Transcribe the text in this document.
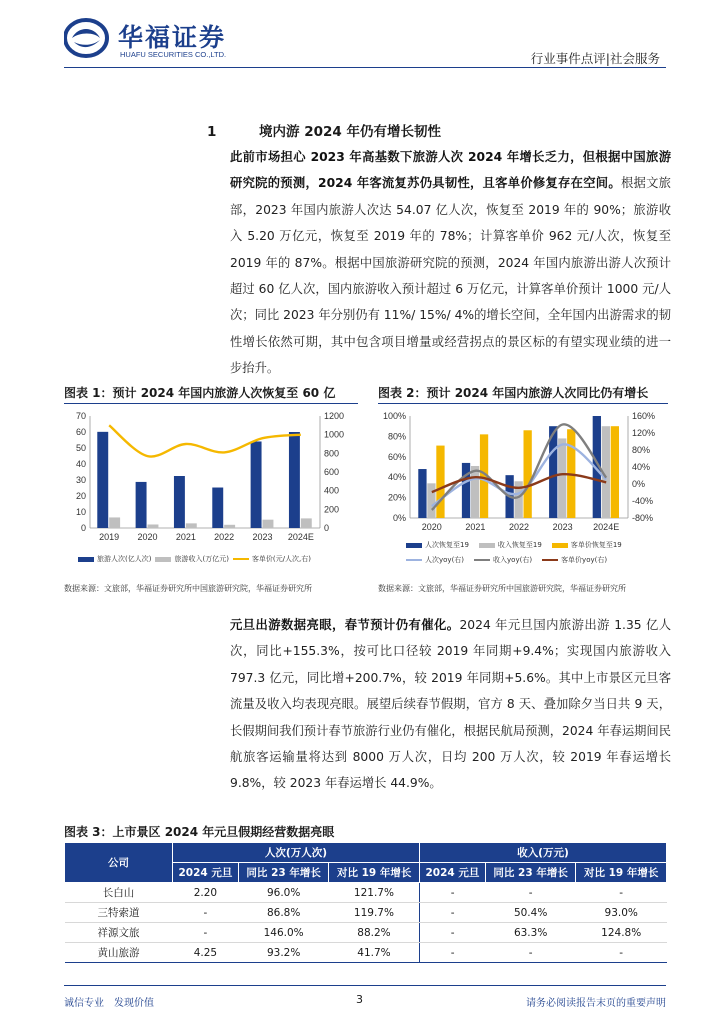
华福证券
HUAFU SECURITIES CO.,LTD.	行业事件点评|社会服务
1	境内游 2024 年仍有增长韧性
此前市场担心 2023 年高基数下旅游人次 2024 年增长乏力，但根据中国旅游研究院的预测，2024 年客流复苏仍具韧性，且客单价修复存在空间。根据文旅部，2023 年国内旅游人次达 54.07 亿人次，恢复至 2019 年的 90%；旅游收入 5.20 万亿元，恢复至 2019 年的 78%；计算客单价 962 元/人次，恢复至 2019 年的 87%。根据中国旅游研究院的预测，2024 年国内旅游出游人次预计超过 60 亿人次，国内旅游收入预计超过 6 万亿元，计算客单价预计 1000 元/人次；同比 2023 年分别仍有 11%/ 15%/ 4%的增长空间，全年国内出游需求的韧性增长依然可期，其中包含项目增量或经营拐点的景区标的有望实现业绩的进一步抬升。
图表 1：预计 2024 年国内旅游人次恢复至 60 亿
0
10
20
30
40
50
60
70
0
200
400
600
800
1000
1200
2019 2020 2021 2022 2023 2024E
旅游人次(亿人次)	旅游收入(万亿元)	客单价(元/人次,右)
数据来源：文旅部，华福证券研究所中国旅游研究院，华福证券研究所
图表 2：预计 2024 年国内旅游人次同比仍有增长
0%
20%
40%
60%
80%
100%
-80%
-40%
0%
40%
80%
120%
160%
2020	2021	2022	2023 2024E
人次恢复至19	收入恢复至19	客单价恢复至19
人次yoy(右)	收入yoy(右)	客单价yoy(右)
数据来源：文旅部，华福证券研究所中国旅游研究院，华福证券研究所
元旦出游数据亮眼，春节预计仍有催化。2024 年元旦国内旅游出游 1.35 亿人次，同比+155.3%，按可比口径较 2019 年同期+9.4%；实现国内旅游收入 797.3 亿元，同比增+200.7%，较 2019 年同期+5.6%。其中上市景区元旦客流量及收入均表现亮眼。展望后续春节假期，官方 8 天、叠加除夕当日共 9 天，长假期间我们预计春节旅游行业仍有催化，根据民航局预测，2024 年春运期间民航旅客运输量将达到 8000 万人次，日均 200 万人次，较 2019 年春运增长 9.8%，较 2023 年春运增长 44.9%。
图表 3：上市景区 2024 年元旦假期经营数据亮眼
公司	人次(万人次)			收入(万元)		
	2024 元旦	同比 23 年增长	对比 19 年增长	2024 元旦	同比 23 年增长	对比 19 年增长
长白山	2.20	96.0%	121.7%	-	-	-
三特索道	-	86.8%	119.7%	-	50.4%	93.0%
祥源文旅	-	146.0%	88.2%	-	63.3%	124.8%
黄山旅游	4.25	93.2%	41.7%	-	-	-
诚信专业　发现价值	3	请务必阅读报告末页的重要声明
